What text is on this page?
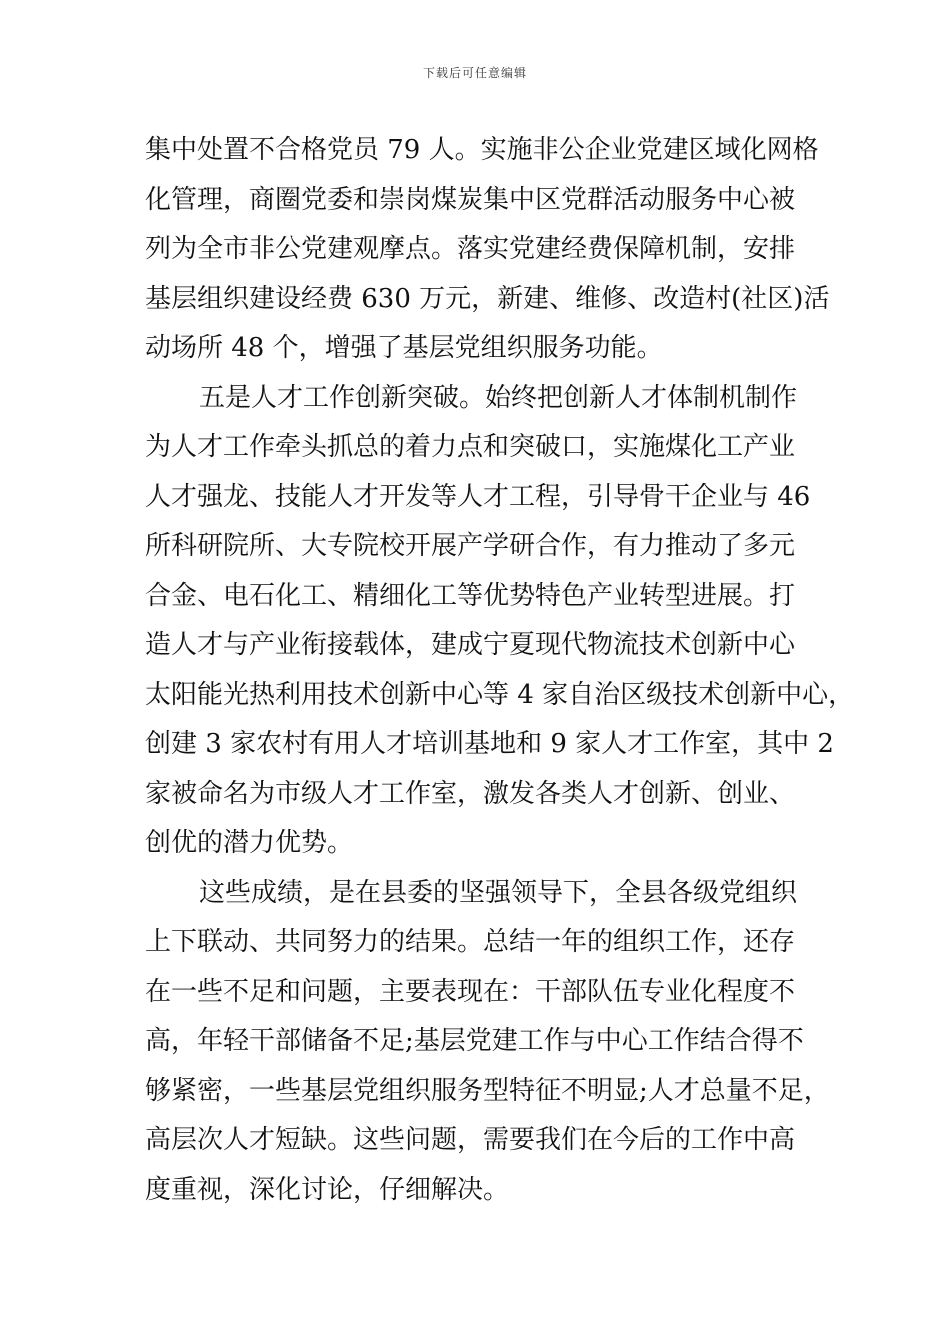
下载后可任意编辑
集中处置不合格党员 79 人。实施非公企业党建区域化网格
化管理，商圈党委和崇岗煤炭集中区党群活动服务中心被
列为全市非公党建观摩点。落实党建经费保障机制，安排
基层组织建设经费 630 万元，新建、维修、改造村(社区)活
动场所 48 个，增强了基层党组织服务功能。
五是人才工作创新突破。始终把创新人才体制机制作
为人才工作牵头抓总的着力点和突破口，实施煤化工产业
人才强龙、技能人才开发等人才工程，引导骨干企业与 46
所科研院所、大专院校开展产学研合作，有力推动了多元
合金、电石化工、精细化工等优势特色产业转型进展。打
造人才与产业衔接载体，建成宁夏现代物流技术创新中心
太阳能光热利用技术创新中心等 4 家自治区级技术创新中心，
创建 3 家农村有用人才培训基地和 9 家人才工作室，其中 2
家被命名为市级人才工作室，激发各类人才创新、创业、
创优的潜力优势。
这些成绩，是在县委的坚强领导下，全县各级党组织
上下联动、共同努力的结果。总结一年的组织工作，还存
在一些不足和问题，主要表现在：干部队伍专业化程度不
高，年轻干部储备不足;基层党建工作与中心工作结合得不
够紧密，一些基层党组织服务型特征不明显;人才总量不足，
高层次人才短缺。这些问题，需要我们在今后的工作中高
度重视，深化讨论，仔细解决。
